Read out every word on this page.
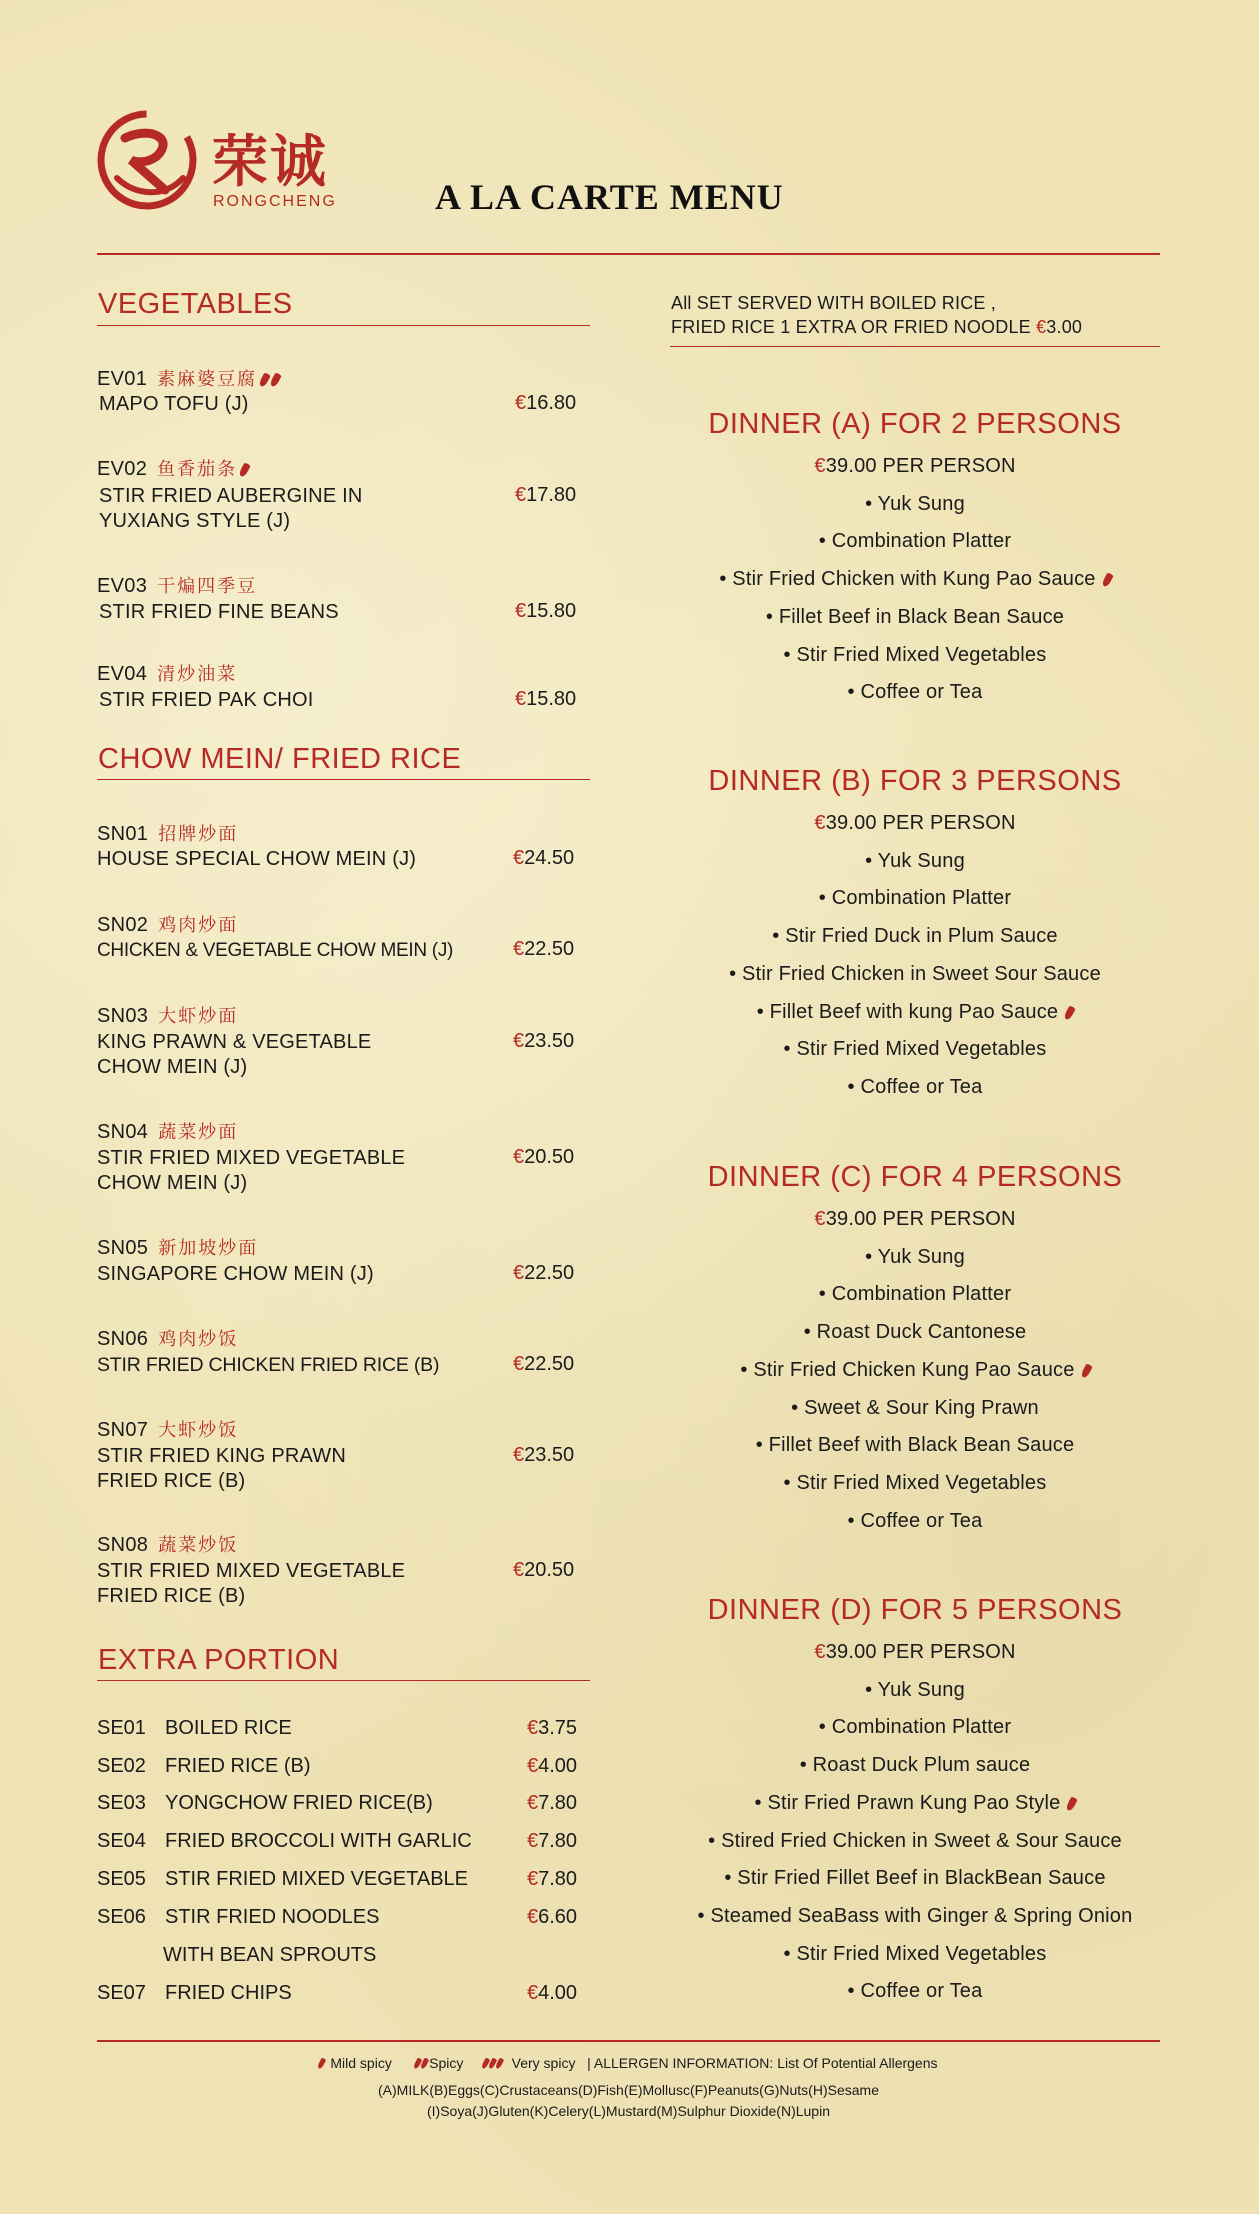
荣诚
RONGCHENG	A LA CARTE MENU
VEGETABLES
EV01 素麻婆豆腐
MAPO TOFU (J)	€16.80
EV02 鱼香茄条
STIR FRIED AUBERGINE IN
YUXIANG STYLE (J)
€17.80
EV03 干煸四季豆
STIR FRIED FINE BEANS	€15.80
EV04 清炒油菜
STIR FRIED PAK CHOI	€15.80
CHOW MEIN/ FRIED RICE
SN01 招牌炒面
HOUSE SPECIAL CHOW MEIN (J)	€24.50
SN02 鸡肉炒面
CHICKEN & VEGETABLE CHOW MEIN (J)	€22.50
SN03 大虾炒面
KING PRAWN & VEGETABLE
CHOW MEIN (J)
€23.50
SN04 蔬菜炒面
STIR FRIED MIXED VEGETABLE
CHOW MEIN (J)
€20.50
SN05 新加坡炒面
SINGAPORE CHOW MEIN (J)	€22.50
SN06 鸡肉炒饭
STIR FRIED CHICKEN FRIED RICE (B)	€22.50
SN07 大虾炒饭
STIR FRIED KING PRAWN
FRIED RICE (B)
€23.50
SN08 蔬菜炒饭
STIR FRIED MIXED VEGETABLE
FRIED RICE (B)
€20.50
EXTRA PORTION
SE01 BOILED RICE	€3.75
SE02 FRIED RICE (B)	€4.00
SE03 YONGCHOW FRIED RICE(B)	€7.80
SE04 FRIED BROCCOLI WITH GARLIC	€7.80
SE05 STIR FRIED MIXED VEGETABLE	€7.80
SE06 STIR FRIED NOODLES	€6.60
WITH BEAN SPROUTS
SE07 FRIED CHIPS	€4.00
All SET SERVED WITH BOILED RICE ,
FRIED RICE 1 EXTRA OR FRIED NOODLE €3.00
DINNER (A) FOR 2 PERSONS
€39.00 PER PERSON
• Yuk Sung
• Combination Platter
• Stir Fried Chicken with Kung Pao Sauce
• Fillet Beef in Black Bean Sauce
• Stir Fried Mixed Vegetables
• Coffee or Tea
DINNER (B) FOR 3 PERSONS
€39.00 PER PERSON
• Yuk Sung
• Combination Platter
• Stir Fried Duck in Plum Sauce
• Stir Fried Chicken in Sweet Sour Sauce
• Fillet Beef with kung Pao Sauce
• Stir Fried Mixed Vegetables
• Coffee or Tea
DINNER (C) FOR 4 PERSONS
€39.00 PER PERSON
• Yuk Sung
• Combination Platter
• Roast Duck Cantonese
• Stir Fried Chicken Kung Pao Sauce
• Sweet & Sour King Prawn
• Fillet Beef with Black Bean Sauce
• Stir Fried Mixed Vegetables
• Coffee or Tea
DINNER (D) FOR 5 PERSONS
€39.00 PER PERSON
• Yuk Sung
• Combination Platter
• Roast Duck Plum sauce
• Stir Fried Prawn Kung Pao Style
• Stired Fried Chicken in Sweet & Sour Sauce
• Stir Fried Fillet Beef in BlackBean Sauce
• Steamed SeaBass with Ginger & Spring Onion
• Stir Fried Mixed Vegetables
• Coffee or Tea
Mild spicy	Spicy	Very spicy | ALLERGEN INFORMATION: List Of Potential Allergens
(A)MILK(B)Eggs(C)Crustaceans(D)Fish(E)Mollusc(F)Peanuts(G)Nuts(H)Sesame
(I)Soya(J)Gluten(K)Celery(L)Mustard(M)Sulphur Dioxide(N)Lupin
